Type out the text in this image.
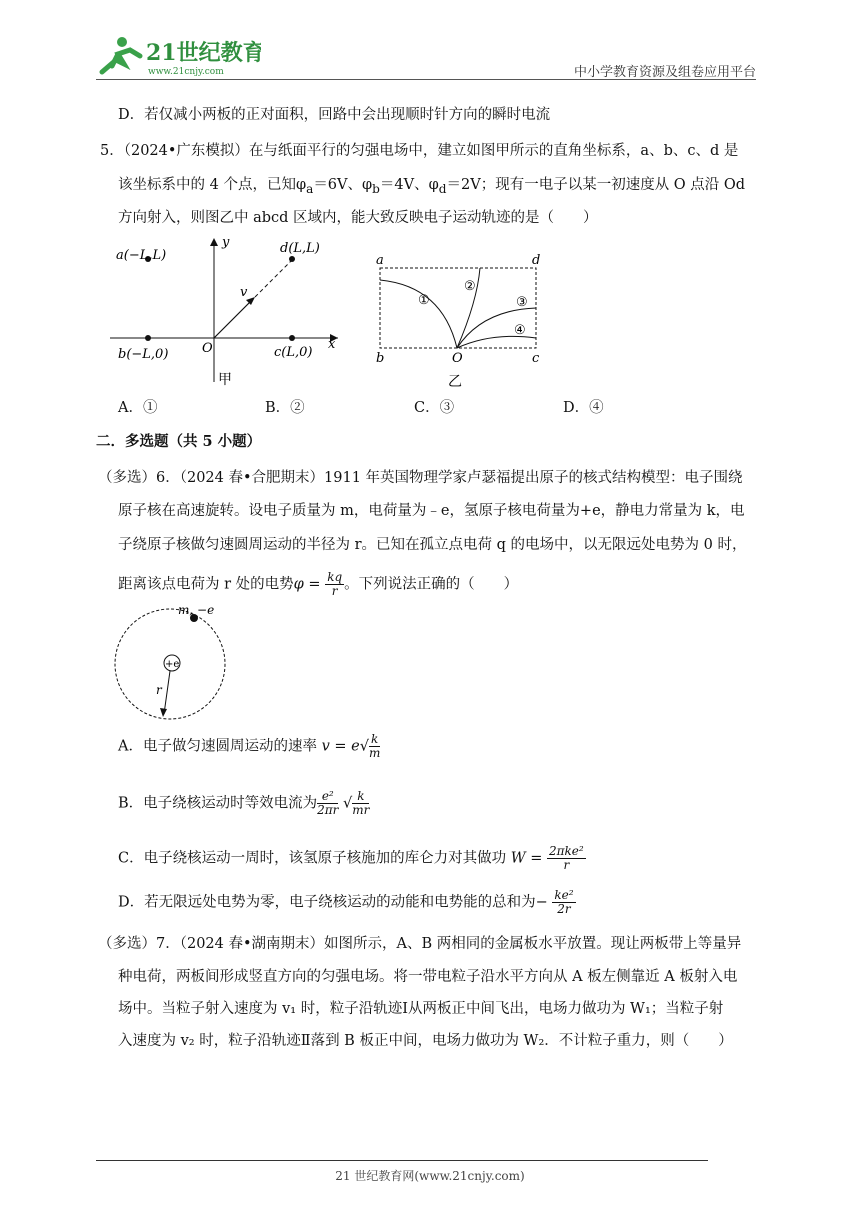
21世纪教育
www.21cnjy.com	中小学教育资源及组卷应用平台
D．若仅减小两板的正对面积，回路中会出现顺时针方向的瞬时电流
5．（2024•广东模拟）在与纸面平行的匀强电场中，建立如图甲所示的直角坐标系，a、b、c、d 是
该坐标系中的 4 个点，已知$\varphi_a=6V$、$\varphi_b=4V$、$\varphi_d=2V$；现有一电子以某一初速度从 O 点沿 Od
方向射入，则图乙中 abcd 区域内，能大致反映电子运动轨迹的是（　　）
a(−L,L)	d(L,L)
b(−L,0)	c(L,0)
O	x
y
v
甲
a	d
b	c
O
①
②
③
④
乙
A．①	B．②	C．③	D．④
二．多选题（共 5 小题）
（多选）6．（2024 春•合肥期末）1911 年英国物理学家卢瑟福提出原子的核式结构模型：电子围绕
原子核在高速旋转。设电子质量为 m，电荷量为﹣e，氢原子核电荷量为+e，静电力常量为 k，电
子绕原子核做匀速圆周运动的半径为 r。已知在孤立点电荷 q 的电场中，以无限远处电势为 0 时，
距离该点电荷为 r 处的电势$\varphi = \frac{kq}{r}$ 。下列说法正确的（　　）
m, −e
+e
r
A．电子做匀速圆周运动的速率 $v = e√ \frac{k}{m}$
B．电子绕核运动时等效电流为 $\frac{\text{e²}}{2\pi r}$ √ $\frac{k}{mr}$
C．电子绕核运动一周时，该氢原子核施加的库仑力对其做功 $W = \frac{\text{2πke²}}{r}$
D．若无限远处电势为零，电子绕核运动的动能和电势能的总和为− $\frac{\text{ke²}}{2r}$
（多选）7．（2024 春•湖南期末）如图所示，A、B 两相同的金属板水平放置。现让两板带上等量异
种电荷，两板间形成竖直方向的匀强电场。将一带电粒子沿水平方向从 A 板左侧靠近 A 板射入电
场中。当粒子射入速度为 v₁ 时，粒子沿轨迹Ⅰ从两板正中间飞出，电场力做功为 W₁；当粒子射
入速度为 v₂ 时，粒子沿轨迹Ⅱ落到 B 板正中间，电场力做功为 W₂．不计粒子重力，则（　　）
21 世纪教育网(www.21cnjy.com)
